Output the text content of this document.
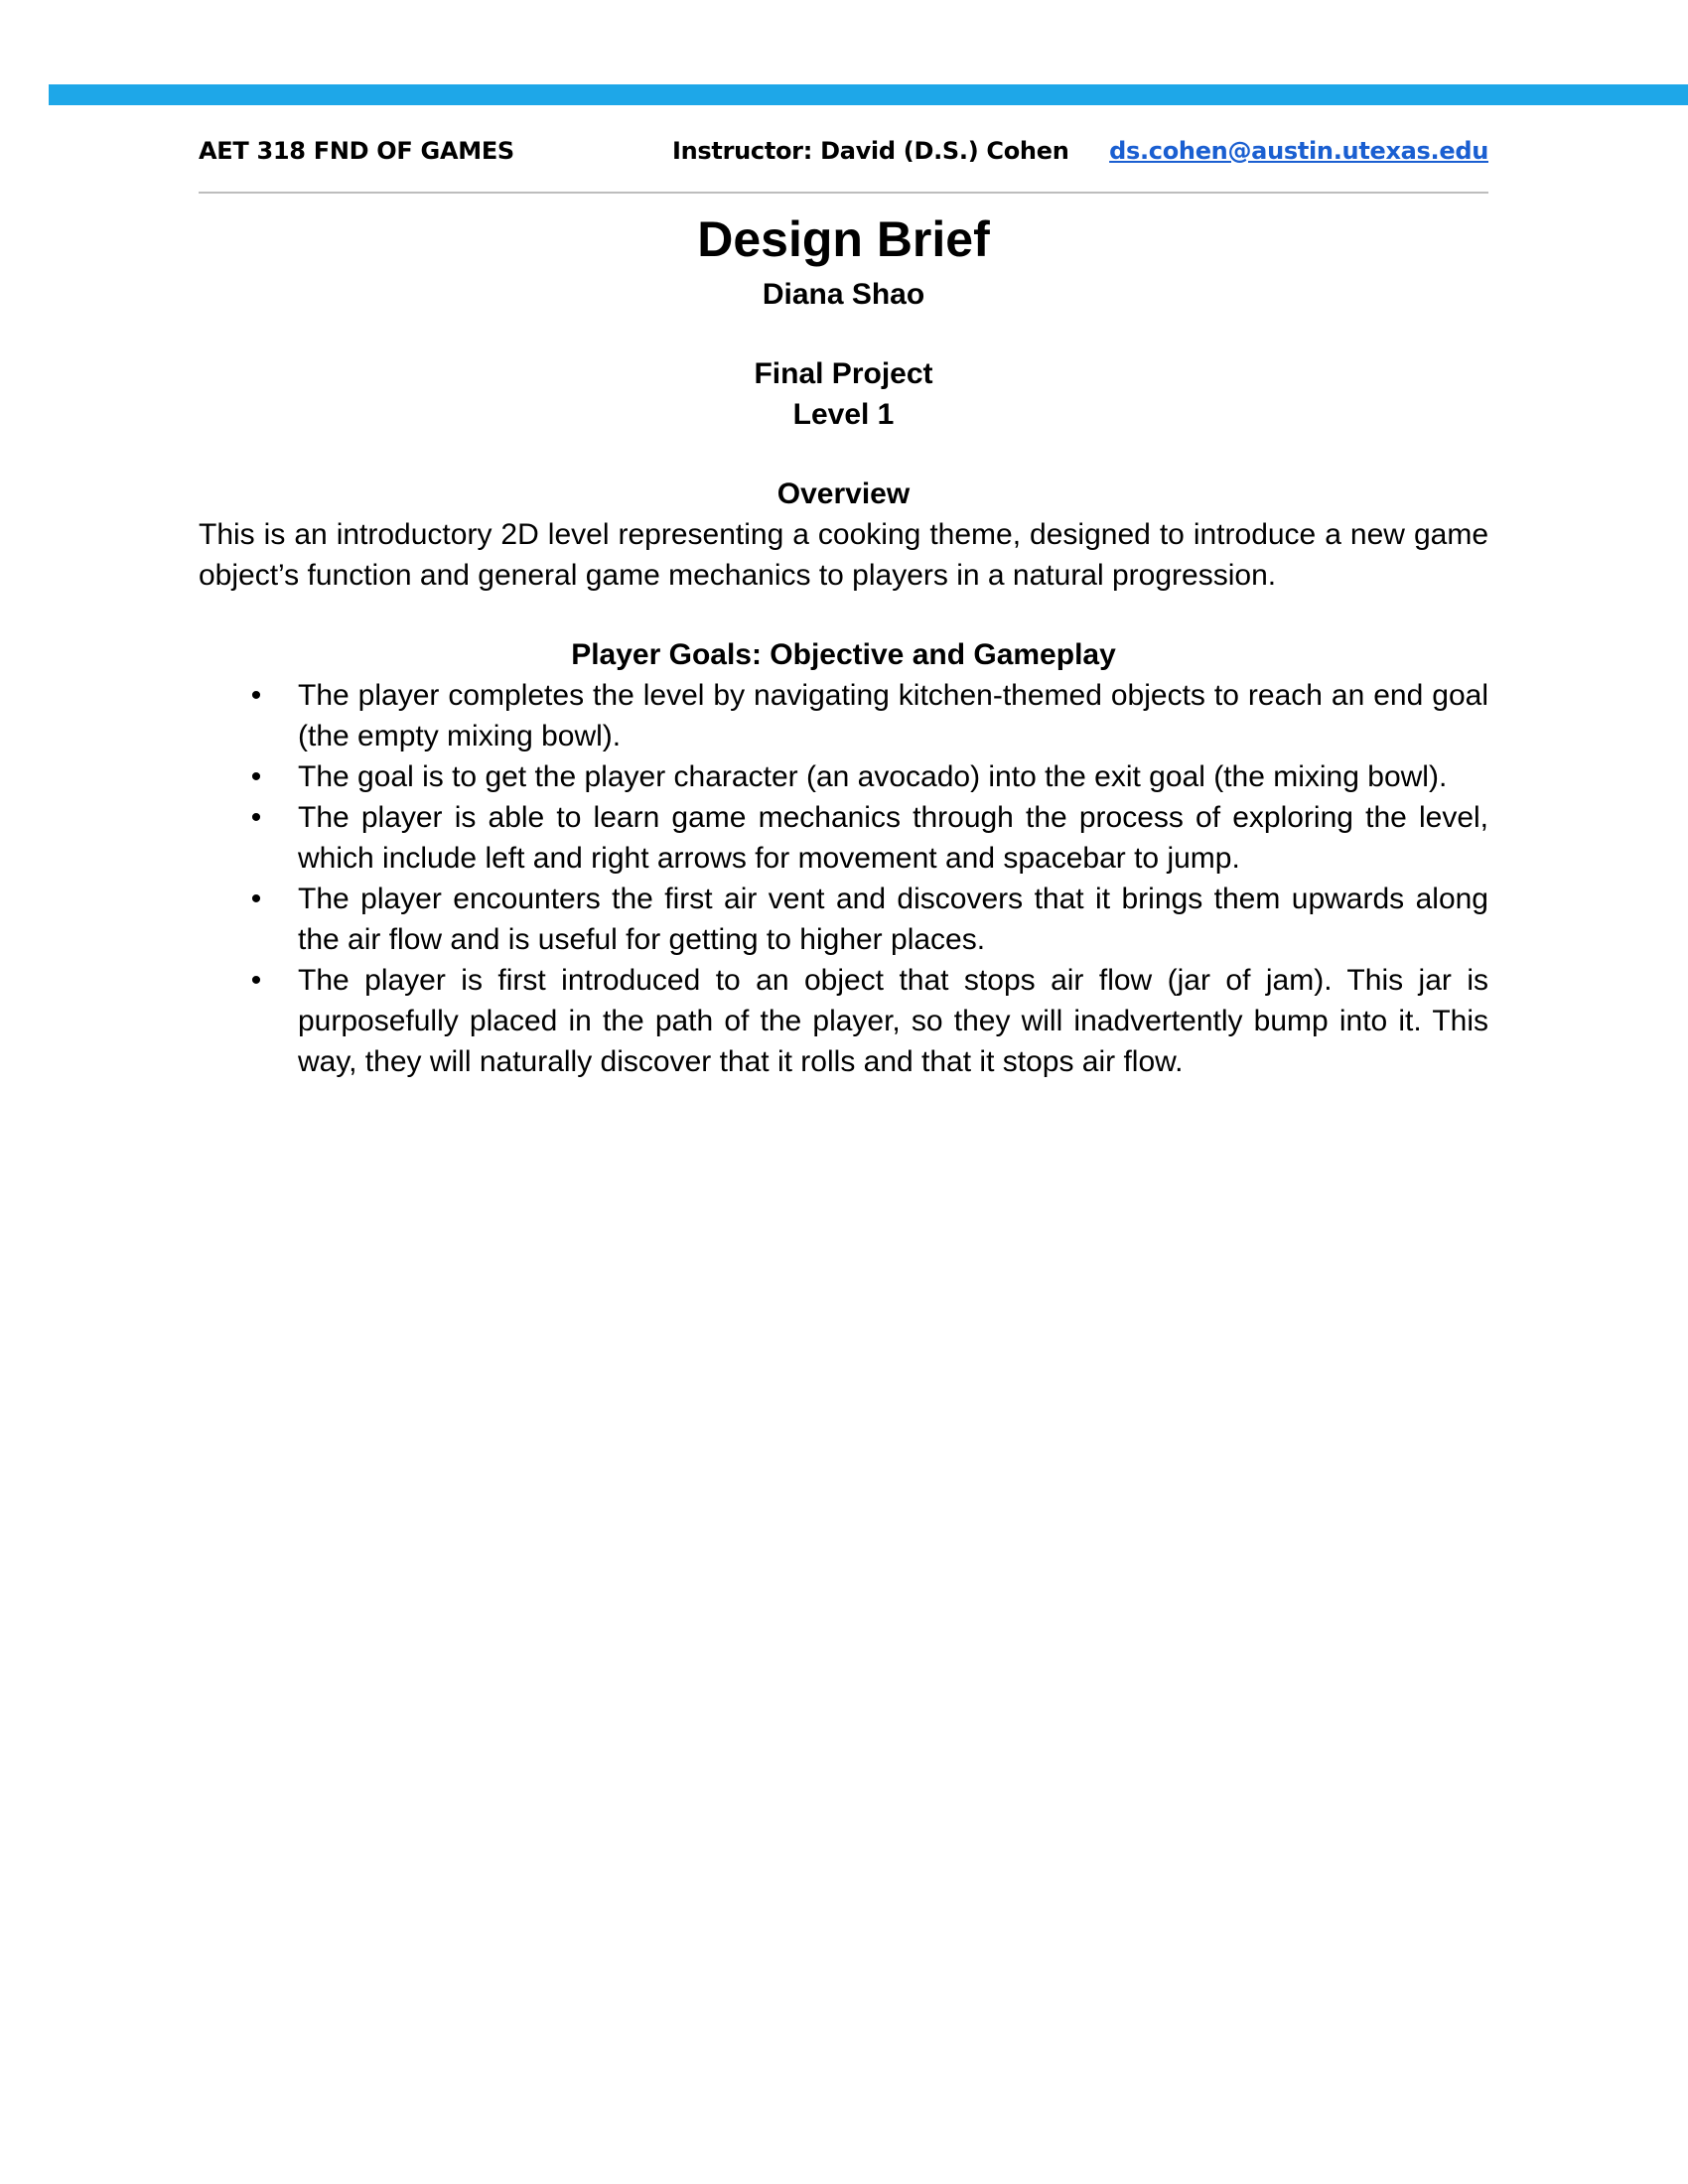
AET 318 FND OF GAMES	Instructor: David (D.S.) Cohen ds.cohen@austin.utexas.edu
Design Brief

Diana Shao

Final Project

Level 1

Overview

This is an introductory 2D level representing a cooking theme, designed to introduce a new game object’s function and general game mechanics to players in a natural progression.

Player Goals: Objective and Gameplay
• The player completes the level by navigating kitchen-themed objects to reach an end goal (the empty mixing bowl).
• The goal is to get the player character (an avocado) into the exit goal (the mixing bowl).
• The player is able to learn game mechanics through the process of exploring the level, which include left and right arrows for movement and spacebar to jump.
• The player encounters the first air vent and discovers that it brings them upwards along the air flow and is useful for getting to higher places.
• The player is first introduced to an object that stops air flow (jar of jam). This jar is purposefully placed in the path of the player, so they will inadvertently bump into it. This way, they will naturally discover that it rolls and that it stops air flow.
